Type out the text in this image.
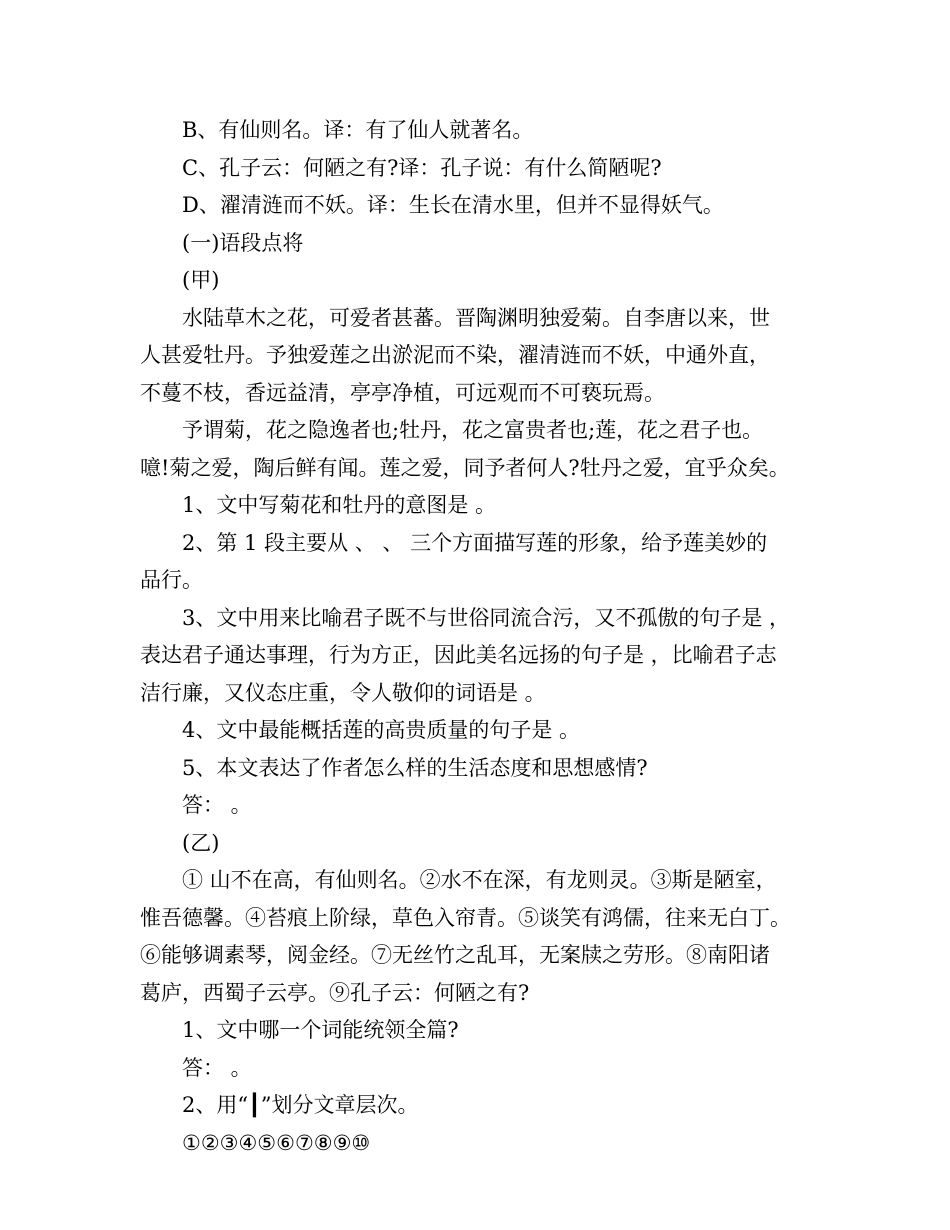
B、有仙则名。译：有了仙人就著名。

C、孔子云：何陋之有?译：孔子说：有什么简陋呢?

D、濯清涟而不妖。译：生长在清水里，但并不显得妖气。

(一)语段点将

(甲)

水陆草木之花，可爱者甚蕃。晋陶渊明独爱菊。自李唐以来，世

人甚爱牡丹。予独爱莲之出淤泥而不染，濯清涟而不妖，中通外直，

不蔓不枝，香远益清，亭亭净植，可远观而不可亵玩焉。

予谓菊，花之隐逸者也;牡丹，花之富贵者也;莲，花之君子也。

噫!菊之爱，陶后鲜有闻。莲之爱，同予者何人?牡丹之爱，宜乎众矣。

1、文中写菊花和牡丹的意图是 。

2、第 1 段主要从 、 、 三个方面描写莲的形象，给予莲美妙的

品行。

3、文中用来比喻君子既不与世俗同流合污，又不孤傲的句子是 ，

表达君子通达事理，行为方正，因此美名远扬的句子是 ，比喻君子志

洁行廉，又仪态庄重，令人敬仰的词语是 。

4、文中最能概括莲的高贵质量的句子是 。

5、本文表达了作者怎么样的生活态度和思想感情?

答： 。

(乙)

① 山不在高，有仙则名。②水不在深，有龙则灵。③斯是陋室，

惟吾德馨。④苔痕上阶绿，草色入帘青。⑤谈笑有鸿儒，往来无白丁。

⑥能够调素琴，阅金经。⑦无丝竹之乱耳，无案牍之劳形。⑧南阳诸

葛庐，西蜀子云亭。⑨孔子云：何陋之有?

1、文中哪一个词能统领全篇?

答： 。

2、用“┃”划分文章层次。

①②③④⑤⑥⑦⑧⑨⑩
